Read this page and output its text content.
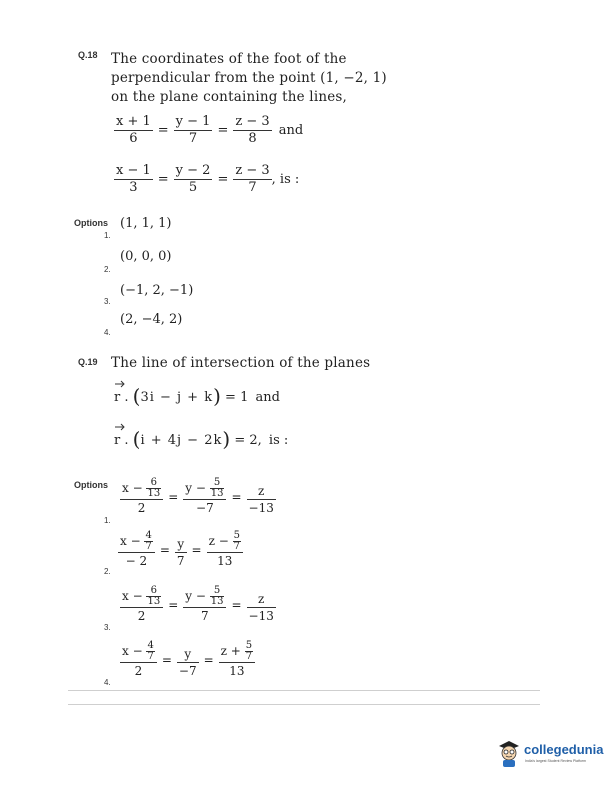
Q.18 The coordinates of the foot of the
perpendicular from the point (1, −2, 1)
on the plane containing the lines,
$\frac{x + 1}{6} = \frac{y - 1}{7} = \frac{z - 3}{8}$ and
$\frac{x - 1}{3} = \frac{y - 2}{5} = \frac{z - 3}{7}$ , is :
Options (1, 1, 1)
1.
2.
(0, 0, 0)
3.
(−1, 2, −1)
4.
(2, −4, 2)
Q.19 The line of intersection of the planes
r . (3i − j + k) = 1 and
r . (i + 4j − 2k) = 2, is :
Options $\frac{x - \frac{6}{13}}{2} = \frac{y - \frac{5}{13}}{-7} = \frac{z}{-13}$
1.
$\frac{x - \frac{4}{7}}{- 2} = \frac{y}{7} = \frac{z - \frac{5}{7}}{13}$
2.
$\frac{x - \frac{6}{13}}{2} = \frac{y - \frac{5}{13}}{7} = \frac{z}{-13}$
3.
$\frac{x - \frac{4}{7}}{2} = \frac{y}{-7} = \frac{z + \frac{5}{7}}{13}$
4.
collegedunia
India's largest Student Review Platform
